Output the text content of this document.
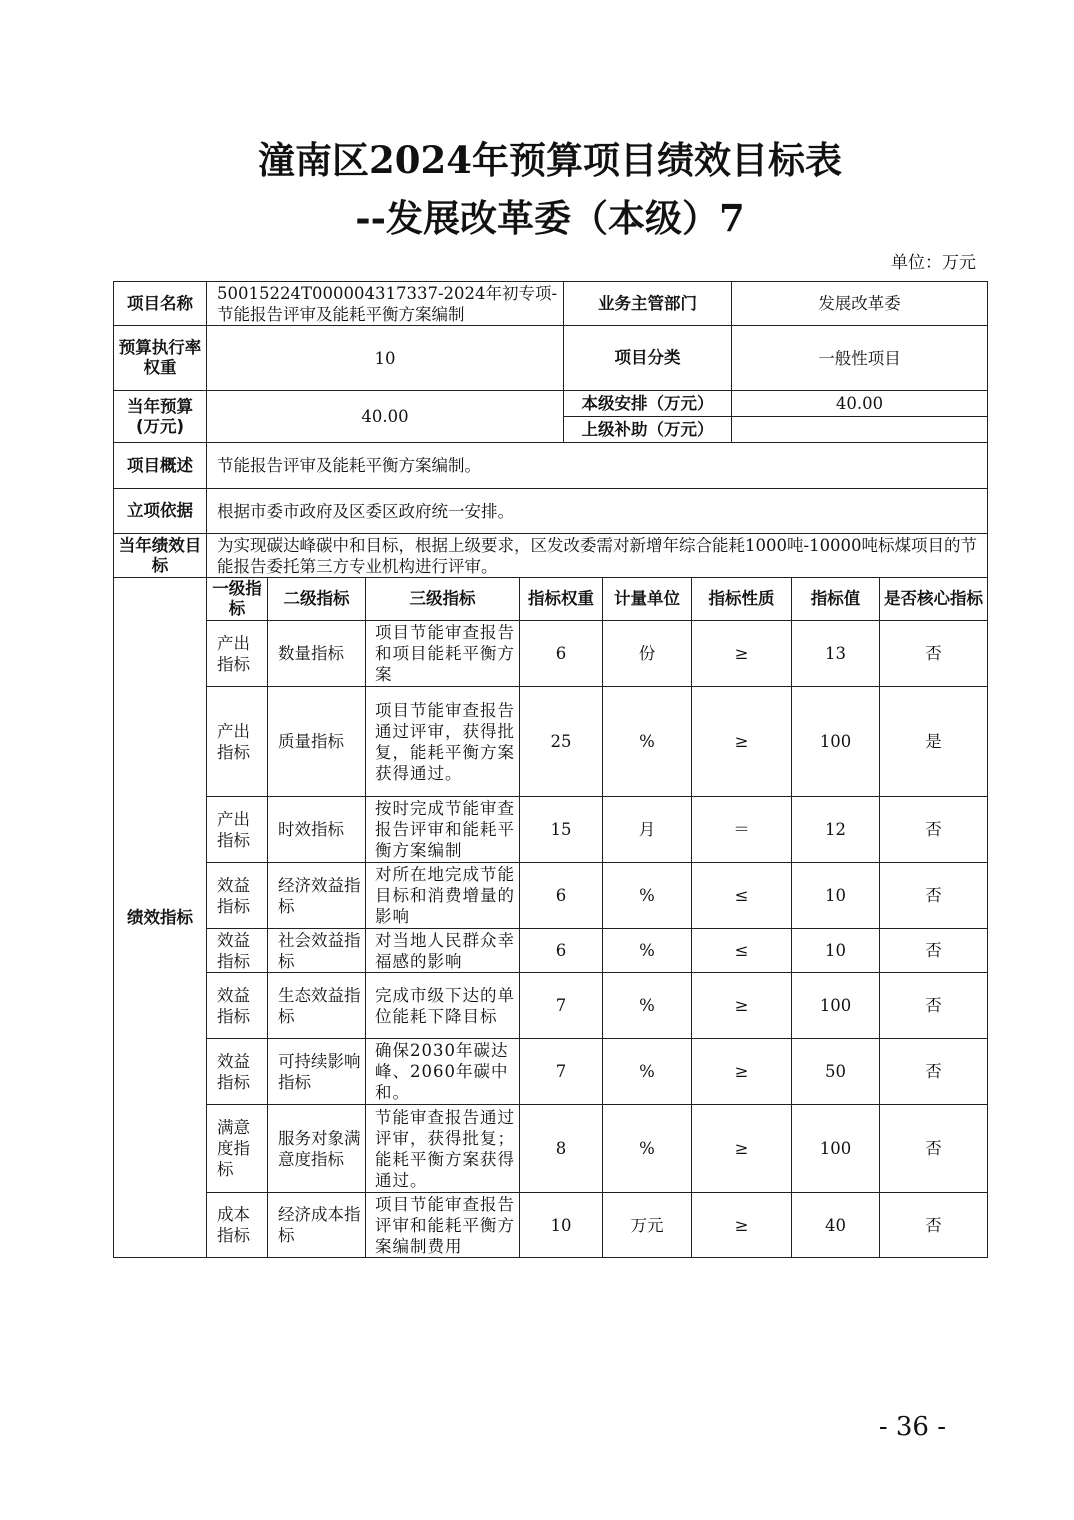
潼南区2024年预算项目绩效目标表
--发展改革委（本级）7
单位：万元
项目名称	50015224T000004317337-2024年初专项-节能报告评审及能耗平衡方案编制	业务主管部门	发展改革委
预算执行率权重	10	项目分类	一般性项目
当年预算(万元)	40.00	本级安排（万元）	40.00
		上级补助（万元）	
项目概述	节能报告评审及能耗平衡方案编制。		
立项依据	根据市委市政府及区委区政府统一安排。		
当年绩效目标	为实现碳达峰碳中和目标，根据上级要求，区发改委需对新增年综合能耗1000吨-10000吨标煤项目的节能报告委托第三方专业机构进行评审。		
绩效指标	一级指标	二级指标	三级指标	指标权重	计量单位	指标性质	指标值	是否核心指标
	产出指标	数量指标	项目节能审查报告和项目能耗平衡方案	6	份	≥	13	否
	产出指标	质量指标	项目节能审查报告通过评审，获得批复，能耗平衡方案获得通过。	25	%	≥	100	是
	产出指标	时效指标	按时完成节能审查报告评审和能耗平衡方案编制	15	月	＝	12	否
	效益指标	经济效益指标	对所在地完成节能目标和消费增量的影响	6	%	≤	10	否
	效益指标	社会效益指标	对当地人民群众幸福感的影响	6	%	≤	10	否
	效益指标	生态效益指标	完成市级下达的单位能耗下降目标	7	%	≥	100	否
	效益指标	可持续影响指标	确保2030年碳达峰、2060年碳中和。	7	%	≥	50	否
	满意度指标	服务对象满意度指标	节能审查报告通过评审，获得批复；能耗平衡方案获得通过。	8	%	≥	100	否
	成本指标	经济成本指标	项目节能审查报告评审和能耗平衡方案编制费用	10	万元	≥	40	否
- 36 -
